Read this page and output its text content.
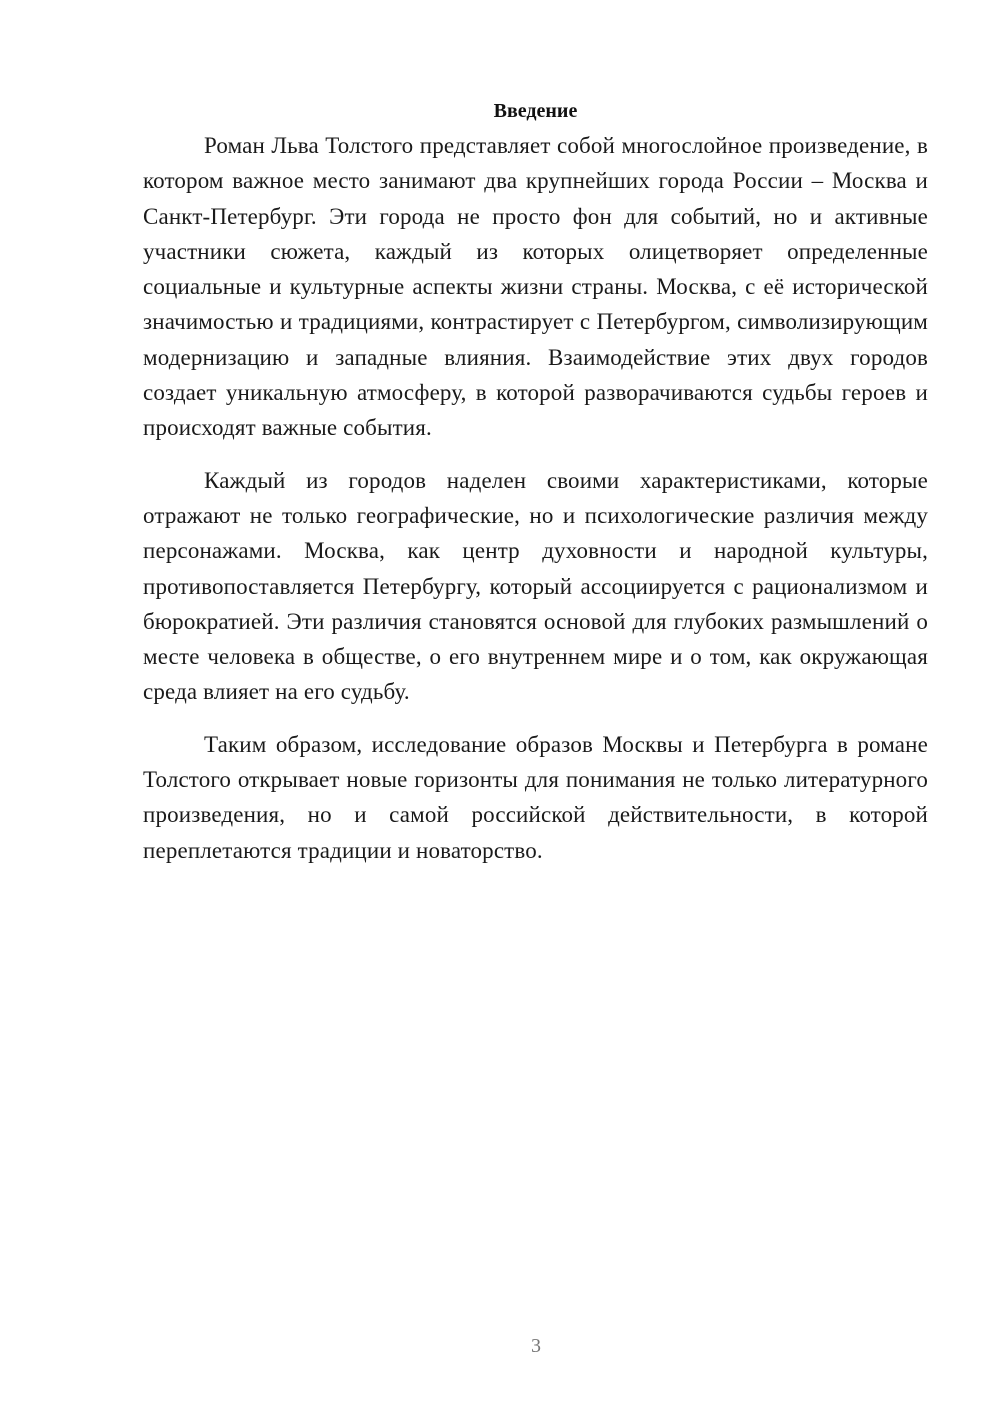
Введение

Роман Льва Толстого представляет собой многослойное произведение, в котором важное место занимают два крупнейших города России – Москва и Санкт-Петербург. Эти города не просто фон для событий, но и активные участники сюжета, каждый из которых олицетворяет определенные социальные и культурные аспекты жизни страны. Москва, с её исторической значимостью и традициями, контрастирует с Петербургом, символизирующим модернизацию и западные влияния. Взаимодействие этих двух городов создает уникальную атмосферу, в которой разворачиваются судьбы героев и происходят важные события.

Каждый из городов наделен своими характеристиками, которые отражают не только географические, но и психологические различия между персонажами. Москва, как центр духовности и народной культуры, противопоставляется Петербургу, который ассоциируется с рационализмом и бюрократией. Эти различия становятся основой для глубоких размышлений о месте человека в обществе, о его внутреннем мире и о том, как окружающая среда влияет на его судьбу.

Таким образом, исследование образов Москвы и Петербурга в романе Толстого открывает новые горизонты для понимания не только литературного произведения, но и самой российской действительности, в которой переплетаются традиции и новаторство.

3
